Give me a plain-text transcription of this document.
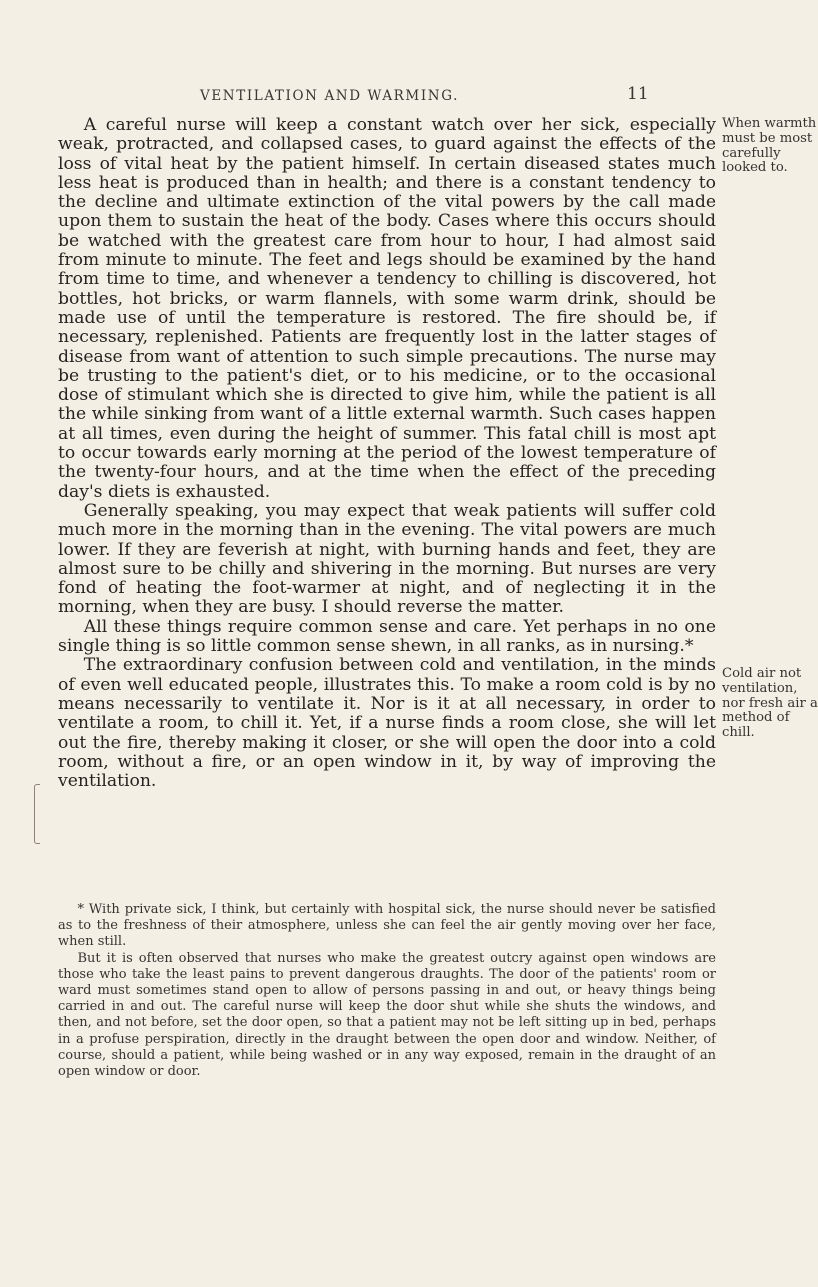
VENTILATION AND WARMING.	11

A careful nurse will keep a constant watch over her sick, especially weak, protracted, and collapsed cases, to guard against the effects of the loss of vital heat by the patient himself. In certain diseased states much less heat is produced than in health; and there is a constant tendency to the decline and ultimate extinction of the vital powers by the call made upon them to sustain the heat of the body. Cases where this occurs should be watched with the greatest care from hour to hour, I had almost said from minute to minute. The feet and legs should be examined by the hand from time to time, and whenever a tendency to chilling is discovered, hot bottles, hot bricks, or warm flannels, with some warm drink, should be made use of until the temperature is restored. The fire should be, if necessary, replenished. Patients are frequently lost in the latter stages of disease from want of attention to such simple precautions. The nurse may be trusting to the patient's diet, or to his medicine, or to the occasional dose of stimulant which she is directed to give him, while the patient is all the while sinking from want of a little external warmth. Such cases happen at all times, even during the height of summer. This fatal chill is most apt to occur towards early morning at the period of the lowest temperature of the twenty-four hours, and at the time when the effect of the preceding day's diets is exhausted.

Generally speaking, you may expect that weak patients will suffer cold much more in the morning than in the evening. The vital powers are much lower. If they are feverish at night, with burning hands and feet, they are almost sure to be chilly and shivering in the morning. But nurses are very fond of heating the foot-warmer at night, and of neglecting it in the morning, when they are busy. I should reverse the matter.

All these things require common sense and care. Yet perhaps in no one single thing is so little common sense shewn, in all ranks, as in nursing.*

The extraordinary confusion between cold and ventilation, in the minds of even well educated people, illustrates this. To make a room cold is by no means necessarily to ventilate it. Nor is it at all necessary, in order to ventilate a room, to chill it. Yet, if a nurse finds a room close, she will let out the fire, thereby making it closer, or she will open the door into a cold room, without a fire, or an open window in it, by way of improving the ventilation.

When warmth
must be most
carefully
looked to.
Cold air not
ventilation,
nor fresh air a
method of
chill.

* With private sick, I think, but certainly with hospital sick, the nurse should never be satisfied as to the freshness of their atmosphere, unless she can feel the air gently moving over her face, when still.

But it is often observed that nurses who make the greatest outcry against open windows are those who take the least pains to prevent dangerous draughts. The door of the patients' room or ward must sometimes stand open to allow of persons passing in and out, or heavy things being carried in and out. The careful nurse will keep the door shut while she shuts the windows, and then, and not before, set the door open, so that a patient may not be left sitting up in bed, perhaps in a profuse perspiration, directly in the draught between the open door and window. Neither, of course, should a patient, while being washed or in any way exposed, remain in the draught of an open window or door.
